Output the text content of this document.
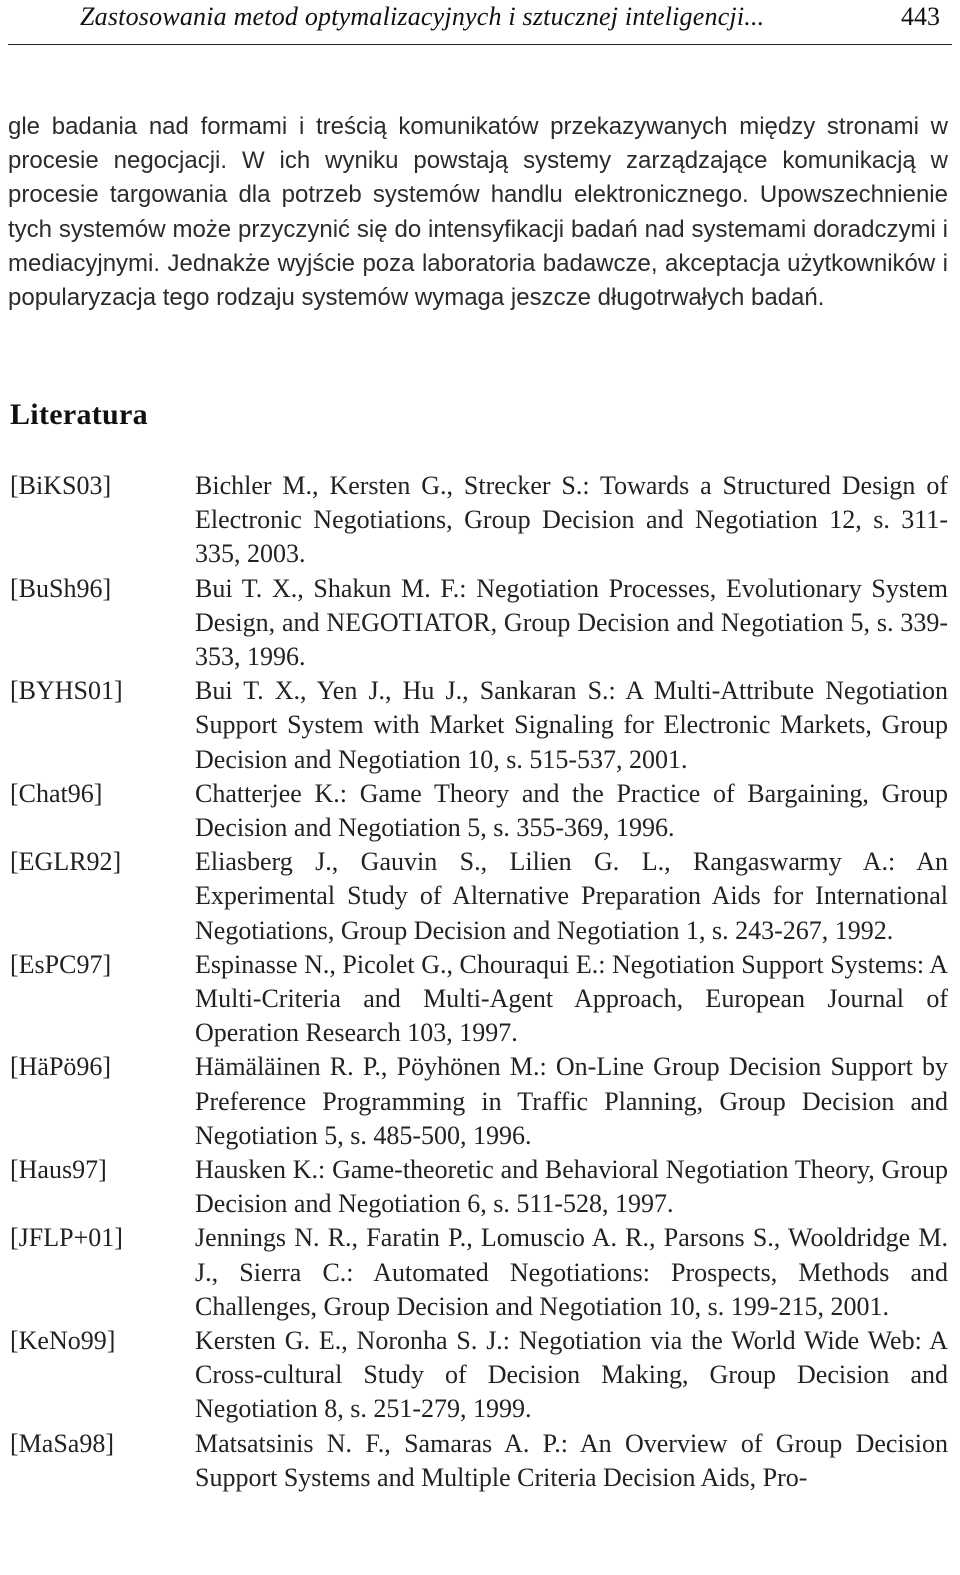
Zastosowania metod optymalizacyjnych i sztucznej inteligencji...	443
gle badania nad formami i treścią komunikatów przekazywanych między stronami w procesie negocjacji. W ich wyniku powstają systemy zarządzające komunikacją w procesie targowania dla potrzeb systemów handlu elektronicznego. Upowszechnienie tych systemów może przyczynić się do intensyfikacji badań nad systemami doradczymi i mediacyjnymi. Jednakże wyjście poza laboratoria badawcze, akceptacja użytkowników i popularyzacja tego rodzaju systemów wymaga jeszcze długotrwałych badań.
Literatura
[BiKS03]	Bichler M., Kersten G., Strecker S.: Towards a Structured Design of Electronic Negotiations, Group Decision and Negotiation 12, s. 311-335, 2003.
[BuSh96]	Bui T. X., Shakun M. F.: Negotiation Processes, Evolutionary System Design, and NEGOTIATOR, Group Decision and Negotiation 5, s. 339-353, 1996.
[BYHS01]	Bui T. X., Yen J., Hu J., Sankaran S.: A Multi-Attribute Negotiation Support System with Market Signaling for Electronic Markets, Group Decision and Negotiation 10, s. 515-537, 2001.
[Chat96]	Chatterjee K.: Game Theory and the Practice of Bargaining, Group Decision and Negotiation 5, s. 355-369, 1996.
[EGLR92]	Eliasberg J., Gauvin S., Lilien G. L., Rangaswarmy A.: An Experimental Study of Alternative Preparation Aids for International Negotiations, Group Decision and Negotiation 1, s. 243-267, 1992.
[EsPC97]	Espinasse N., Picolet G., Chouraqui E.: Negotiation Support Systems: A Multi-Criteria and Multi-Agent Approach, European Journal of Operation Research 103, 1997.
[HäPö96]	Hämäläinen R. P., Pöyhönen M.: On-Line Group Decision Support by Preference Programming in Traffic Planning, Group Decision and Negotiation 5, s. 485-500, 1996.
[Haus97]	Hausken K.: Game-theoretic and Behavioral Negotiation Theory, Group Decision and Negotiation 6, s. 511-528, 1997.
[JFLP+01]	Jennings N. R., Faratin P., Lomuscio A. R., Parsons S., Wooldridge M. J., Sierra C.: Automated Negotiations: Prospects, Methods and Challenges, Group Decision and Negotiation 10, s. 199-215, 2001.
[KeNo99]	Kersten G. E., Noronha S. J.: Negotiation via the World Wide Web: A Cross-cultural Study of Decision Making, Group Decision and Negotiation 8, s. 251-279, 1999.
[MaSa98]	Matsatsinis N. F., Samaras A. P.: An Overview of Group Decision Support Systems and Multiple Criteria Decision Aids, Pro-
